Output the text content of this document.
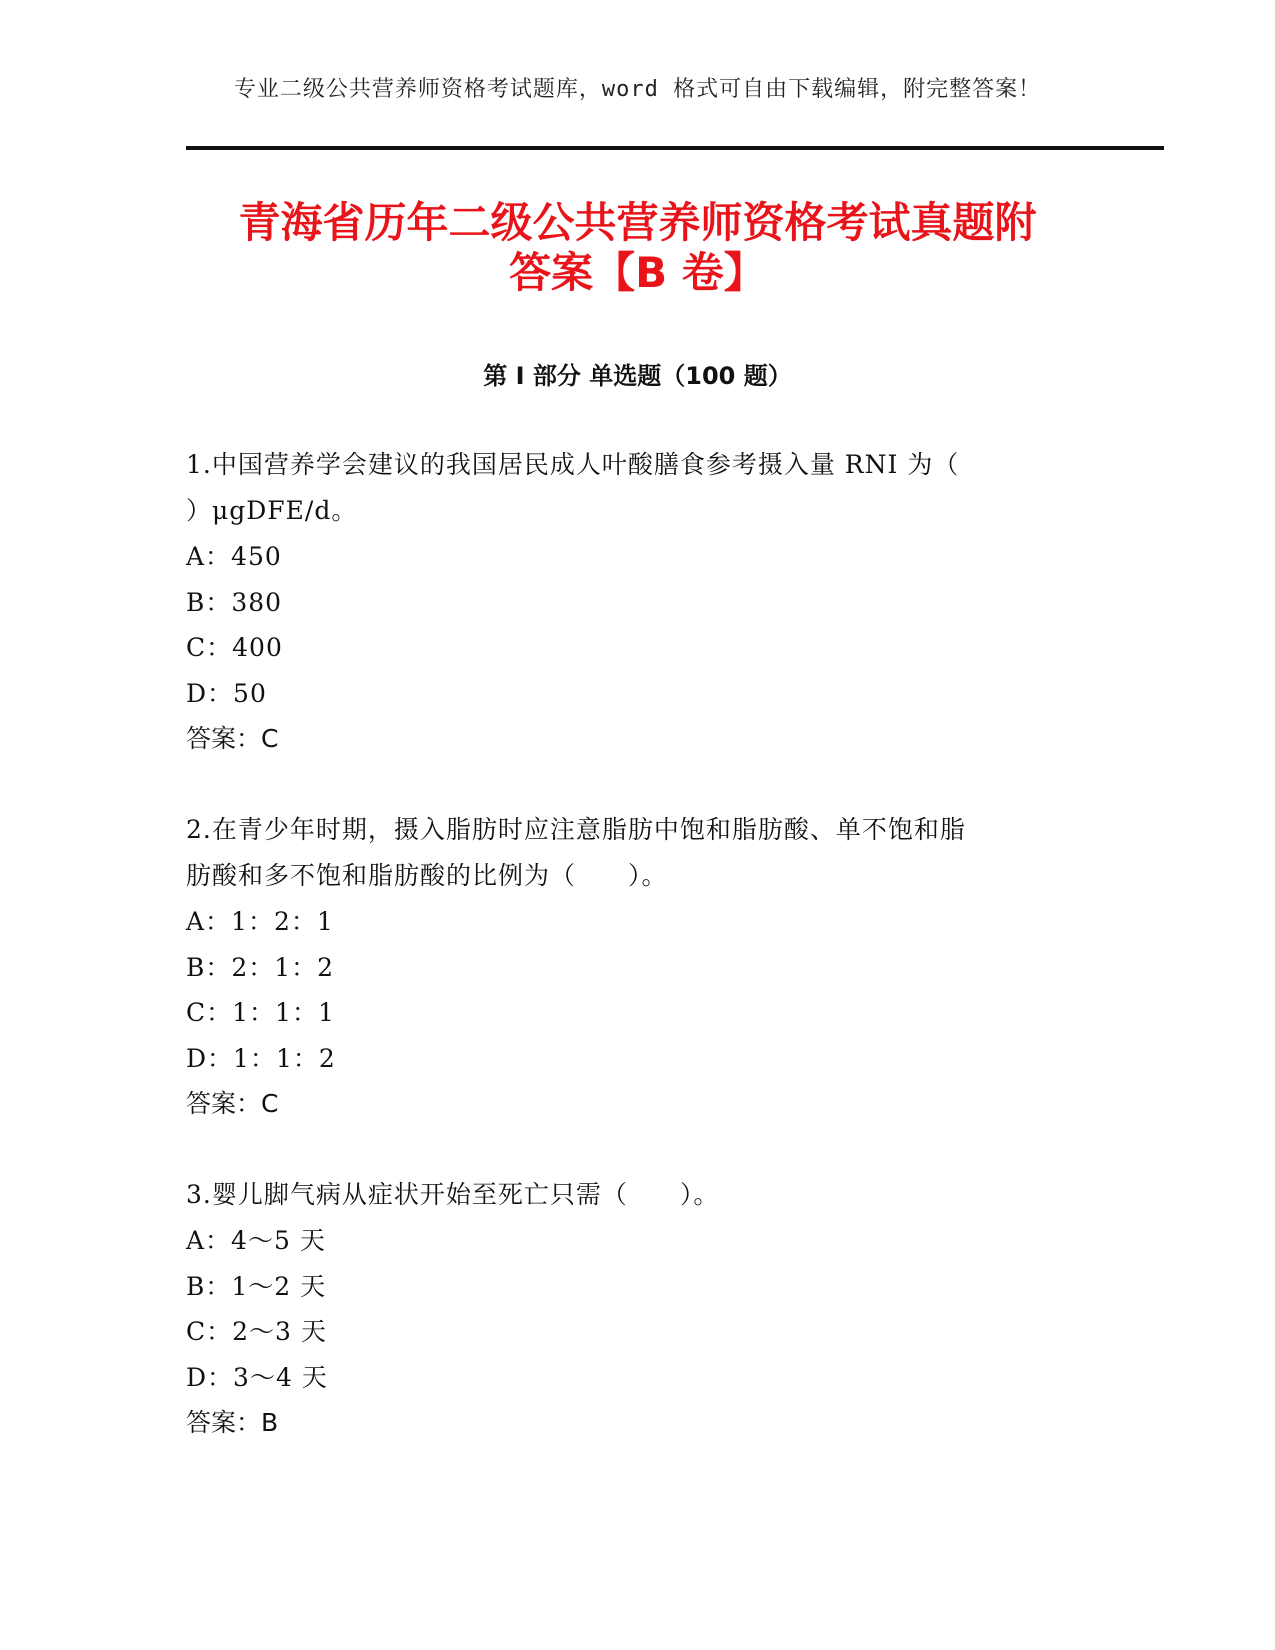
专业二级公共营养师资格考试题库，word 格式可自由下载编辑，附完整答案！
青海省历年二级公共营养师资格考试真题附
答案【B 卷】
第 I 部分 单选题（100 题）
1.中国营养学会建议的我国居民成人叶酸膳食参考摄入量 RNI 为（
）μgDFE/d。
A：450
B：380
C：400
D：50
答案：C
2.在青少年时期，摄入脂肪时应注意脂肪中饱和脂肪酸、单不饱和脂
肪酸和多不饱和脂肪酸的比例为（　　）。
A：1：2：1
B：2：1：2
C：1：1：1
D：1：1：2
答案：C
3.婴儿脚气病从症状开始至死亡只需（　　）。
A：4～5 天
B：1～2 天
C：2～3 天
D：3～4 天
答案：B
